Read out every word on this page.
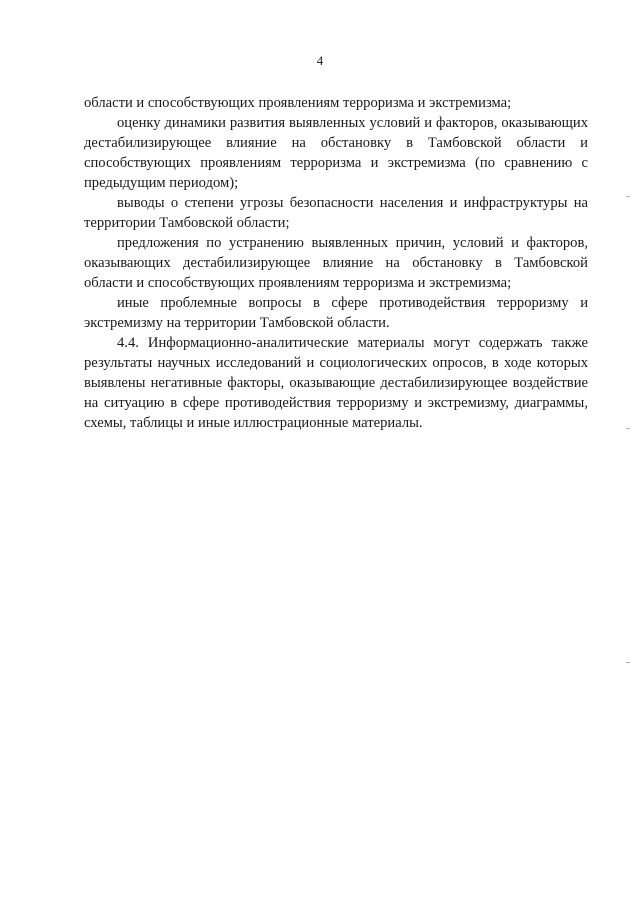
4

области и способствующих проявлениям терроризма и экстремизма;

оценку динамики развития выявленных условий и факторов, оказывающих дестабилизирующее влияние на обстановку в Тамбовской области и способствующих проявлениям терроризма и экстремизма (по сравнению с предыдущим периодом);

выводы о степени угрозы безопасности населения и инфраструктуры на территории Тамбовской области;

предложения по устранению выявленных причин, условий и факторов, оказывающих дестабилизирующее влияние на обстановку в Тамбовской области и способствующих проявлениям терроризма и экстремизма;

иные проблемные вопросы в сфере противодействия терроризму и экстремизму на территории Тамбовской области.

4.4. Информационно-аналитические материалы могут содержать также результаты научных исследований и социологических опросов, в ходе которых выявлены негативные факторы, оказывающие дестабилизирующее воздействие на ситуацию в сфере противодействия терроризму и экстремизму, диаграммы, схемы, таблицы и иные иллюстрационные материалы.
